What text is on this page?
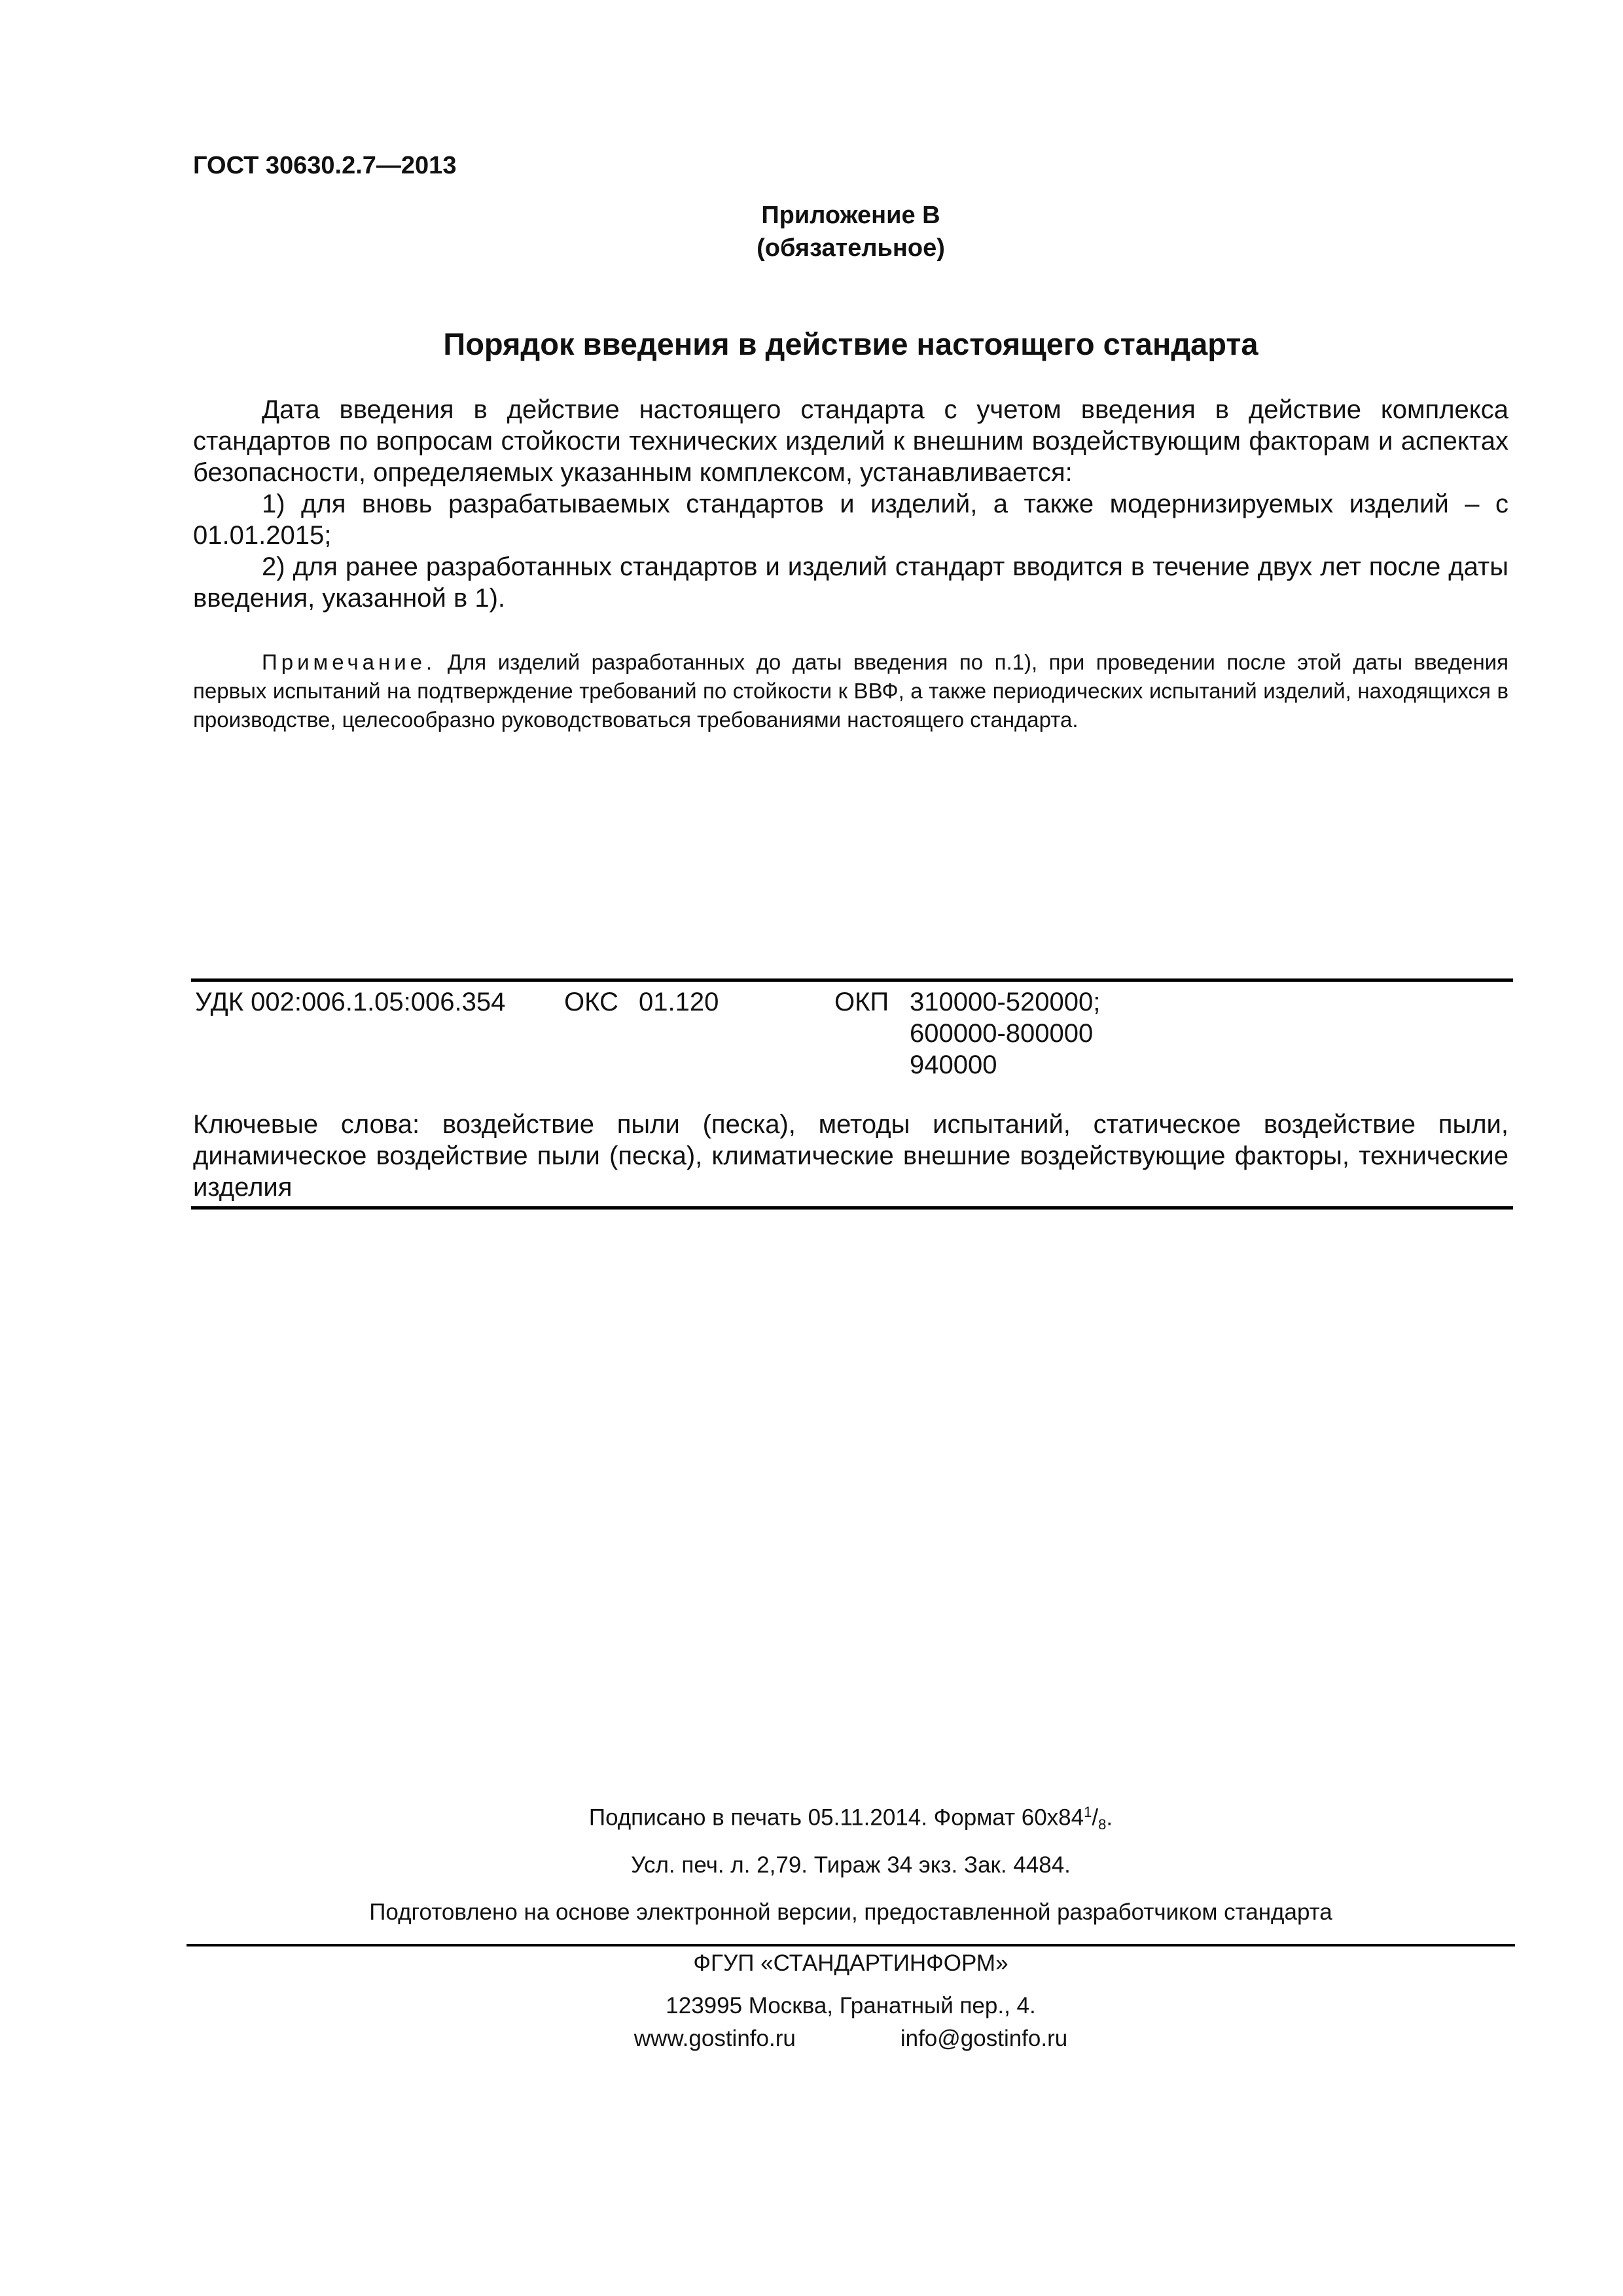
ГОСТ 30630.2.7—2013
Приложение В
(обязательное)
Порядок введения в действие настоящего стандарта
Дата введения в действие настоящего стандарта с учетом введения в действие комплекса стандартов по вопросам стойкости технических изделий к внешним воздействующим факторам и аспектах безопасности, определяемых указанным комплексом, устанавливается:
1) для вновь разрабатываемых стандартов и изделий, а также модернизируемых изделий – с 01.01.2015;
2) для ранее разработанных стандартов и изделий стандарт вводится в течение двух лет после даты введения, указанной в 1).
Примечание. Для изделий разработанных до даты введения по п.1), при проведении после этой даты введения первых испытаний на подтверждение требований по стойкости к ВВФ, а также периодических испытаний изделий, находящихся в производстве, целесообразно руководствоваться требованиями настоящего стандарта.
УДК 002:006.1.05:006.354 ОКС 01.120	ОКП 310000-520000;
600000-800000
940000
Ключевые слова: воздействие пыли (песка), методы испытаний, статическое воздействие пыли, динамическое воздействие пыли (песка), климатические внешние воздействующие факторы, технические изделия
Подписано в печать 05.11.2014. Формат $60х84^1/_8$.
Усл. печ. л. 2,79. Тираж 34 экз. Зак. 4484.
Подготовлено на основе электронной версии, предоставленной разработчиком стандарта
ФГУП «СТАНДАРТИНФОРМ»
123995 Москва, Гранатный пер., 4.
www.gostinfo.ru	info@gostinfo.ru
